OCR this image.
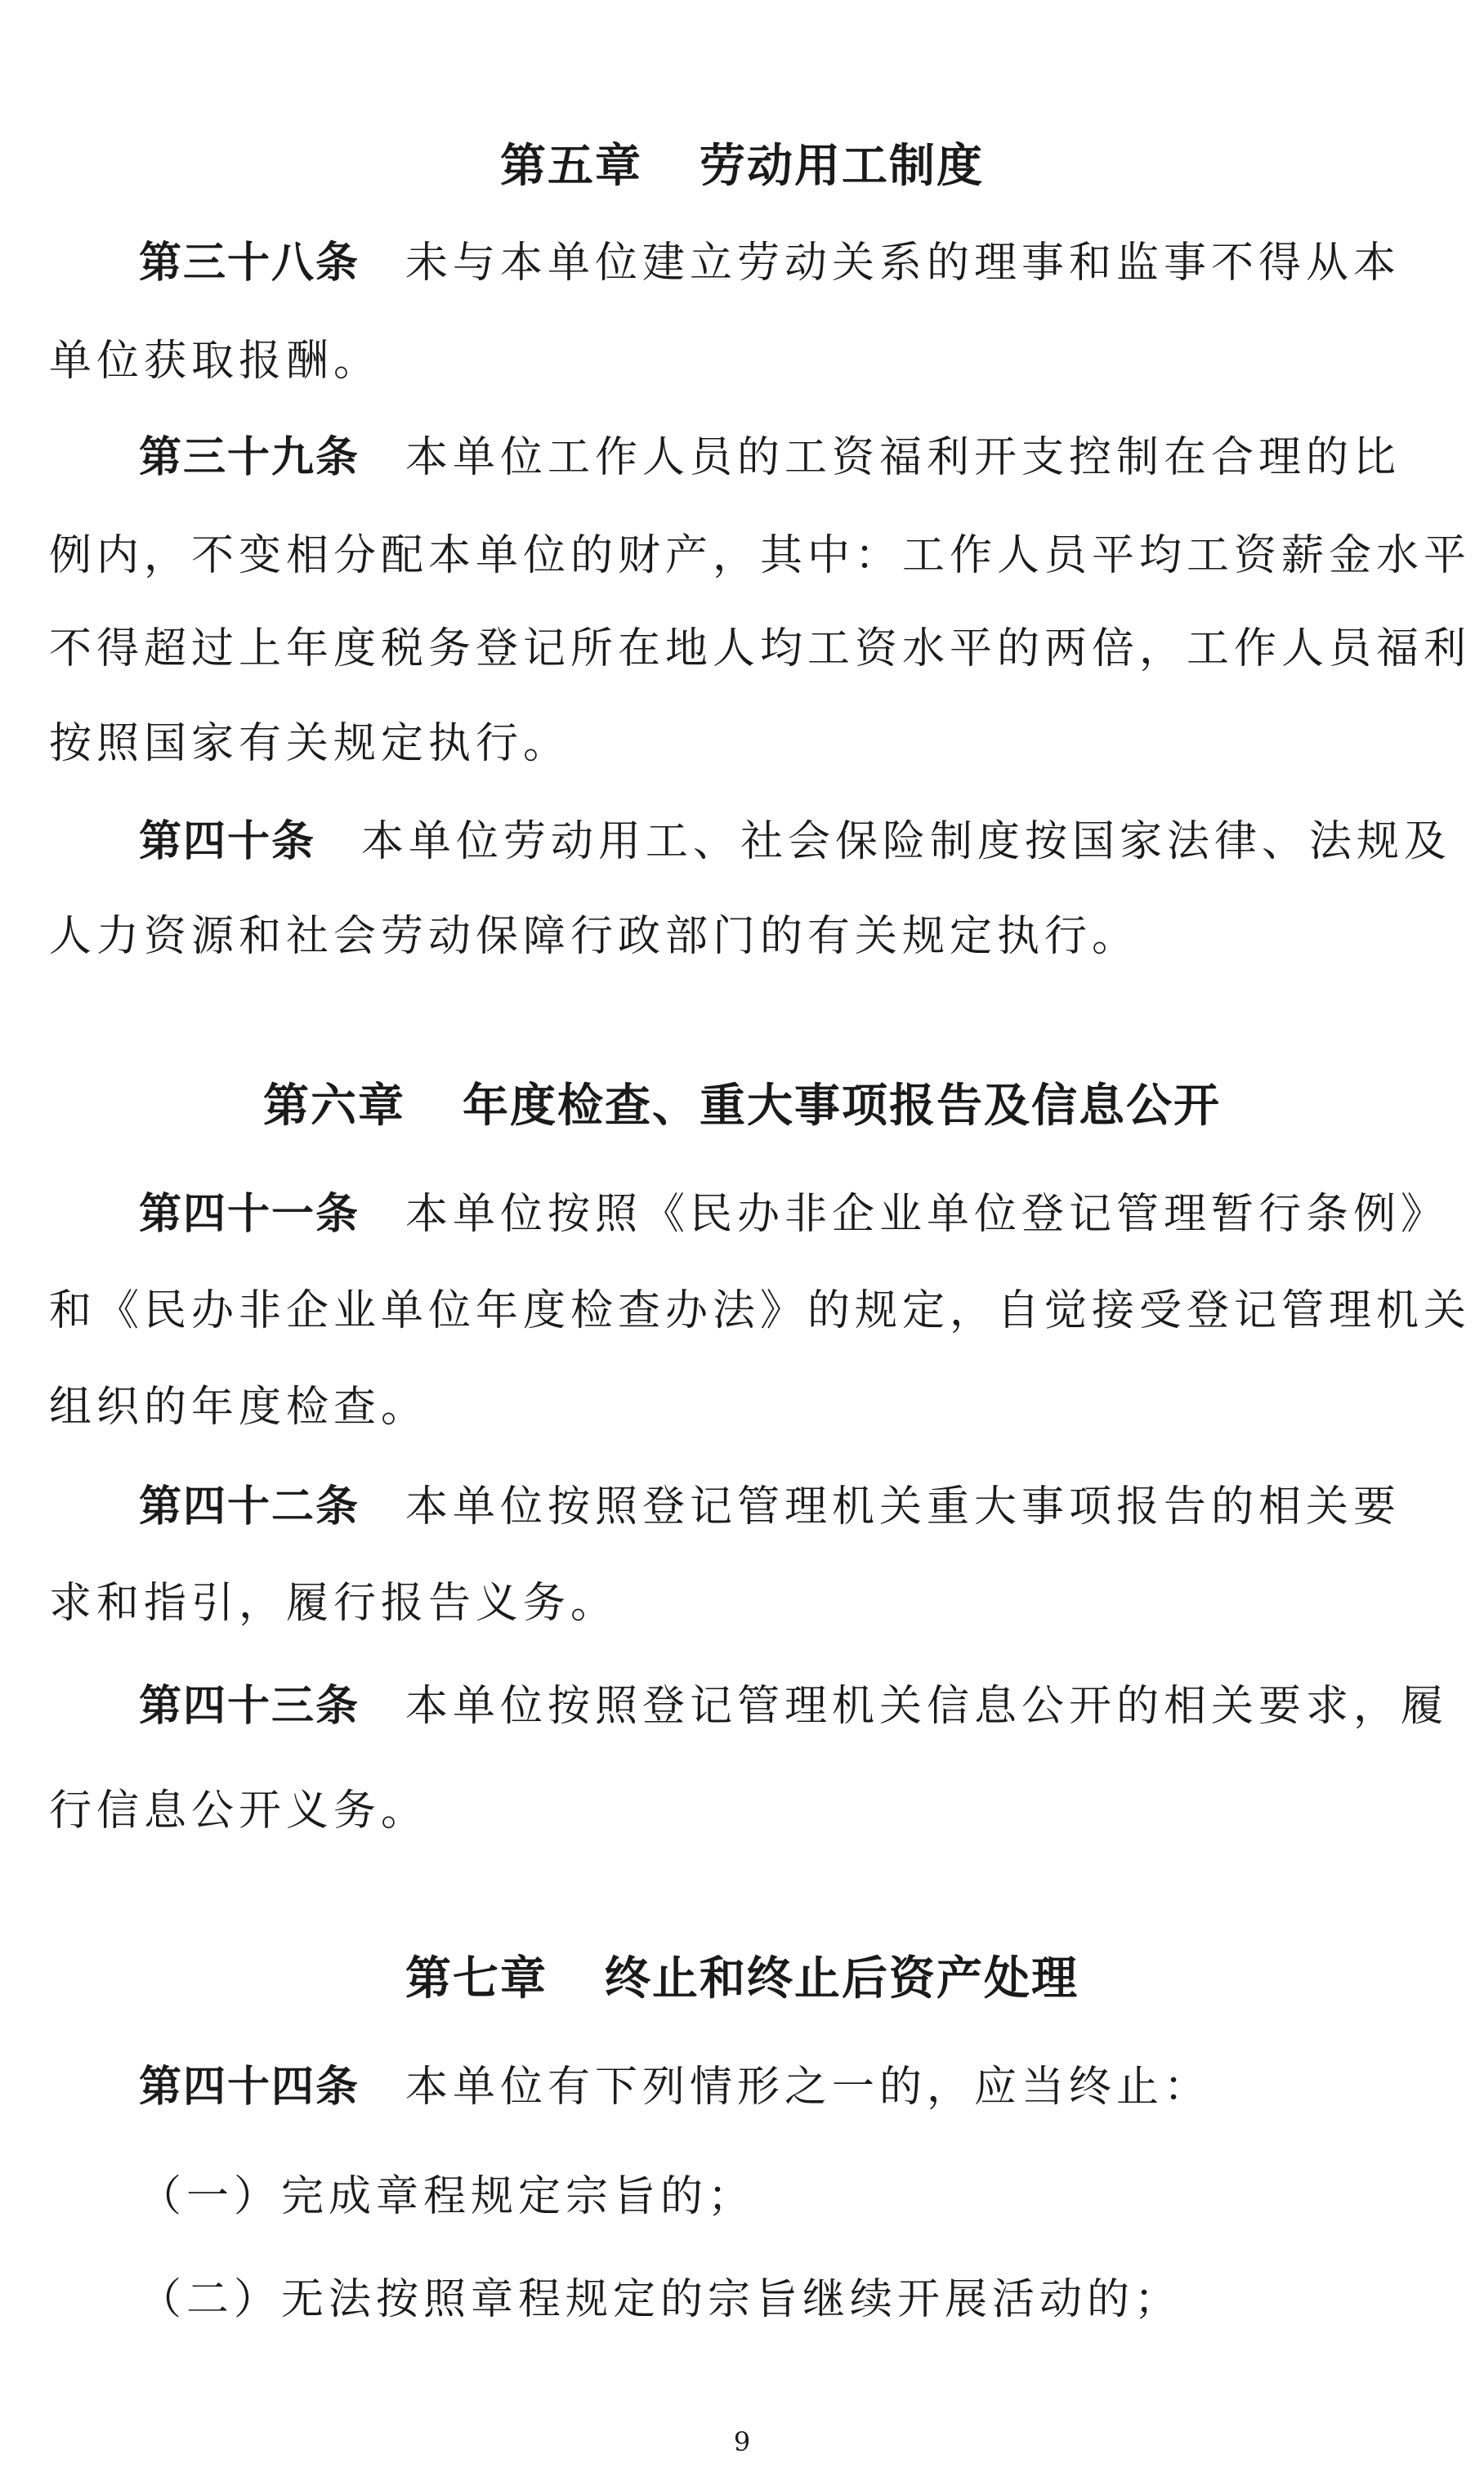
第五章 劳动用工制度
第三十八条 未与本单位建立劳动关系的理事和监事不得从本
单位获取报酬。
第三十九条 本单位工作人员的工资福利开支控制在合理的比
例内，不变相分配本单位的财产，其中：工作人员平均工资薪金水平
不得超过上年度税务登记所在地人均工资水平的两倍，工作人员福利
按照国家有关规定执行。
第四十条 本单位劳动用工、社会保险制度按国家法律、法规及
人力资源和社会劳动保障行政部门的有关规定执行。
第六章 年度检查、重大事项报告及信息公开
第四十一条 本单位按照《民办非企业单位登记管理暂行条例》
和《民办非企业单位年度检查办法》的规定，自觉接受登记管理机关
组织的年度检查。
第四十二条 本单位按照登记管理机关重大事项报告的相关要
求和指引，履行报告义务。
第四十三条 本单位按照登记管理机关信息公开的相关要求，履
行信息公开义务。
第七章 终止和终止后资产处理
第四十四条 本单位有下列情形之一的，应当终止：
（一）完成章程规定宗旨的；
（二）无法按照章程规定的宗旨继续开展活动的；
9
